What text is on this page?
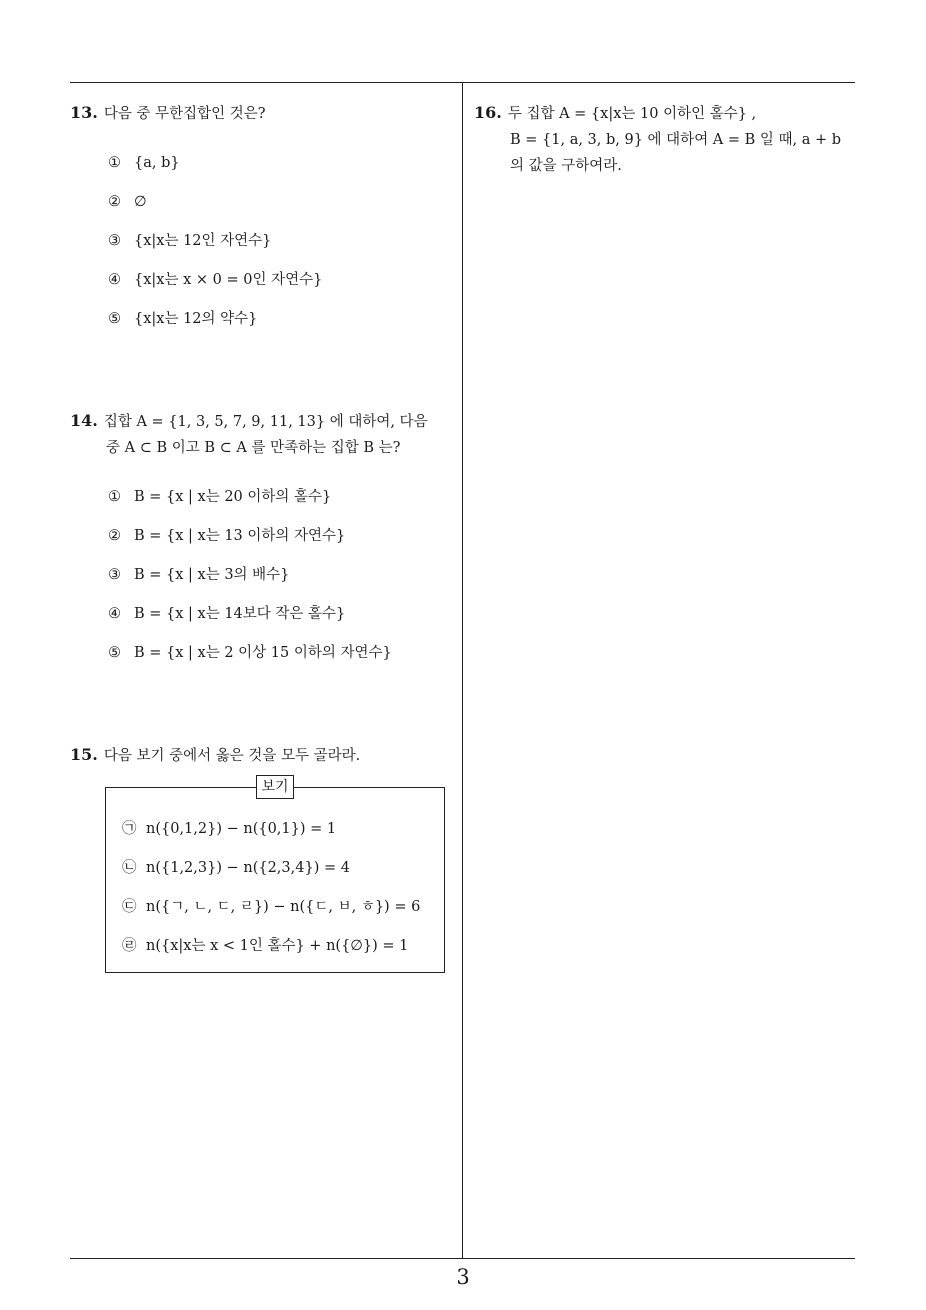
13. 다음 중 무한집합인 것은?
① {a, b}
② ∅
③ {x|x는 12인 자연수}
④ {x|x는 x × 0 = 0인 자연수}
⑤ {x|x는 12의 약수}
14. 집합 A = {1, 3, 5, 7, 9, 11, 13} 에 대하여, 다음
중 A ⊂ B 이고 B ⊂ A 를 만족하는 집합 B 는?
① B = {x | x는 20 이하의 홀수}
② B = {x | x는 13 이하의 자연수}
③ B = {x | x는 3의 배수}
④ B = {x | x는 14보다 작은 홀수}
⑤ B = {x | x는 2 이상 15 이하의 자연수}
15. 다음 보기 중에서 옳은 것을 모두 골라라.
보기
㉠ n({0,1,2}) − n({0,1}) = 1
㉡ n({1,2,3}) − n({2,3,4}) = 4
㉢ n({ㄱ, ㄴ, ㄷ, ㄹ}) − n({ㄷ, ㅂ, ㅎ}) = 6
㉣ n({x|x는 x < 1인 홀수} + n({∅}) = 1
16. 두 집합 A = {x|x는 10 이하인 홀수} ,
B = {1, a, 3, b, 9} 에 대하여 A = B 일 때, a + b
의 값을 구하여라.
3
